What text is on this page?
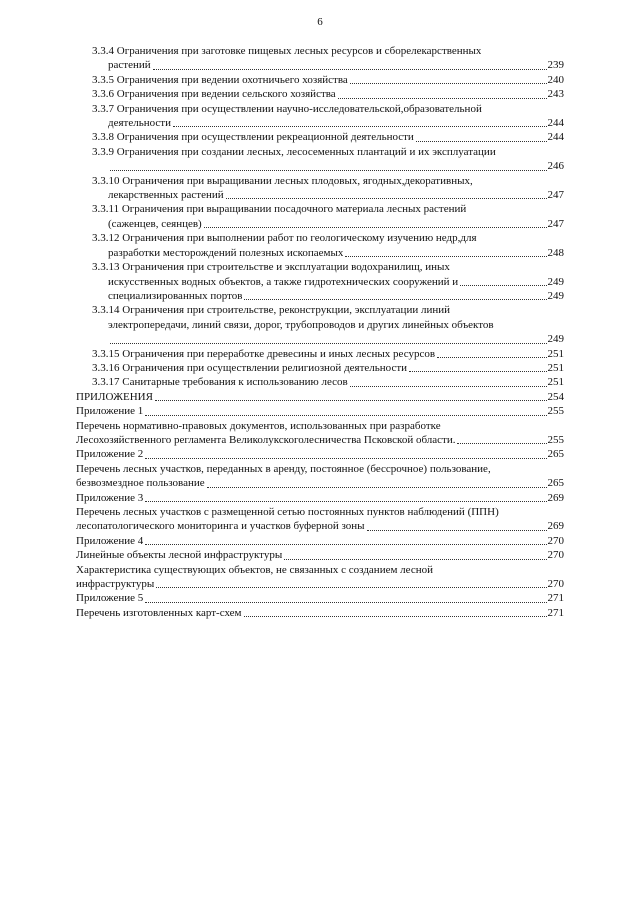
6
3.3.4 Ограничения при заготовке пищевых лесных ресурсов и сборелекарственных
растений	239
3.3.5 Ограничения при ведении охотничьего хозяйства	240
3.3.6 Ограничения при ведении сельского хозяйства	243
3.3.7 Ограничения при осуществлении научно-исследовательской,образовательной
деятельности	244
3.3.8 Ограничения при осуществлении рекреационной деятельности	244
3.3.9 Ограничения при создании лесных, лесосеменных плантаций и их эксплуатации
246
3.3.10 Ограничения при выращивании лесных плодовых, ягодных,декоративных,
лекарственных растений	247
3.3.11 Ограничения при выращивании посадочного материала лесных растений
(саженцев, сеянцев)	247
3.3.12 Ограничения при выполнении работ по геологическому изучению недр,для
разработки месторождений полезных ископаемых	248
3.3.13 Ограничения при строительстве и эксплуатации водохранилищ, иных
искусственных водных объектов, а также гидротехнических сооружений и	249
специализированных портов	249
3.3.14 Ограничения при строительстве, реконструкции, эксплуатации линий
электропередачи, линий связи, дорог, трубопроводов и других линейных объектов
249
3.3.15 Ограничения при переработке древесины и иных лесных ресурсов	251
3.3.16 Ограничения при осуществлении религиозной деятельности	251
3.3.17 Санитарные требования к использованию лесов	251
ПРИЛОЖЕНИЯ	254
Приложение 1	255
Перечень нормативно-правовых документов, использованных при разработке
Лесохозяйственного регламента Великолукскоголесничества Псковской области.	255
Приложение 2	265
Перечень лесных участков, переданных в аренду, постоянное (бессрочное) пользование,
безвозмездное пользование	265
Приложение 3	269
Перечень лесных участков с размещенной сетью постоянных пунктов наблюдений (ППН)
лесопатологического мониторинга и участков буферной зоны	269
Приложение 4	270
Линейные объекты лесной инфраструктуры	270
Характеристика существующих объектов, не связанных с созданием лесной
инфраструктуры	270
Приложение 5	271
Перечень изготовленных карт-схем	271
